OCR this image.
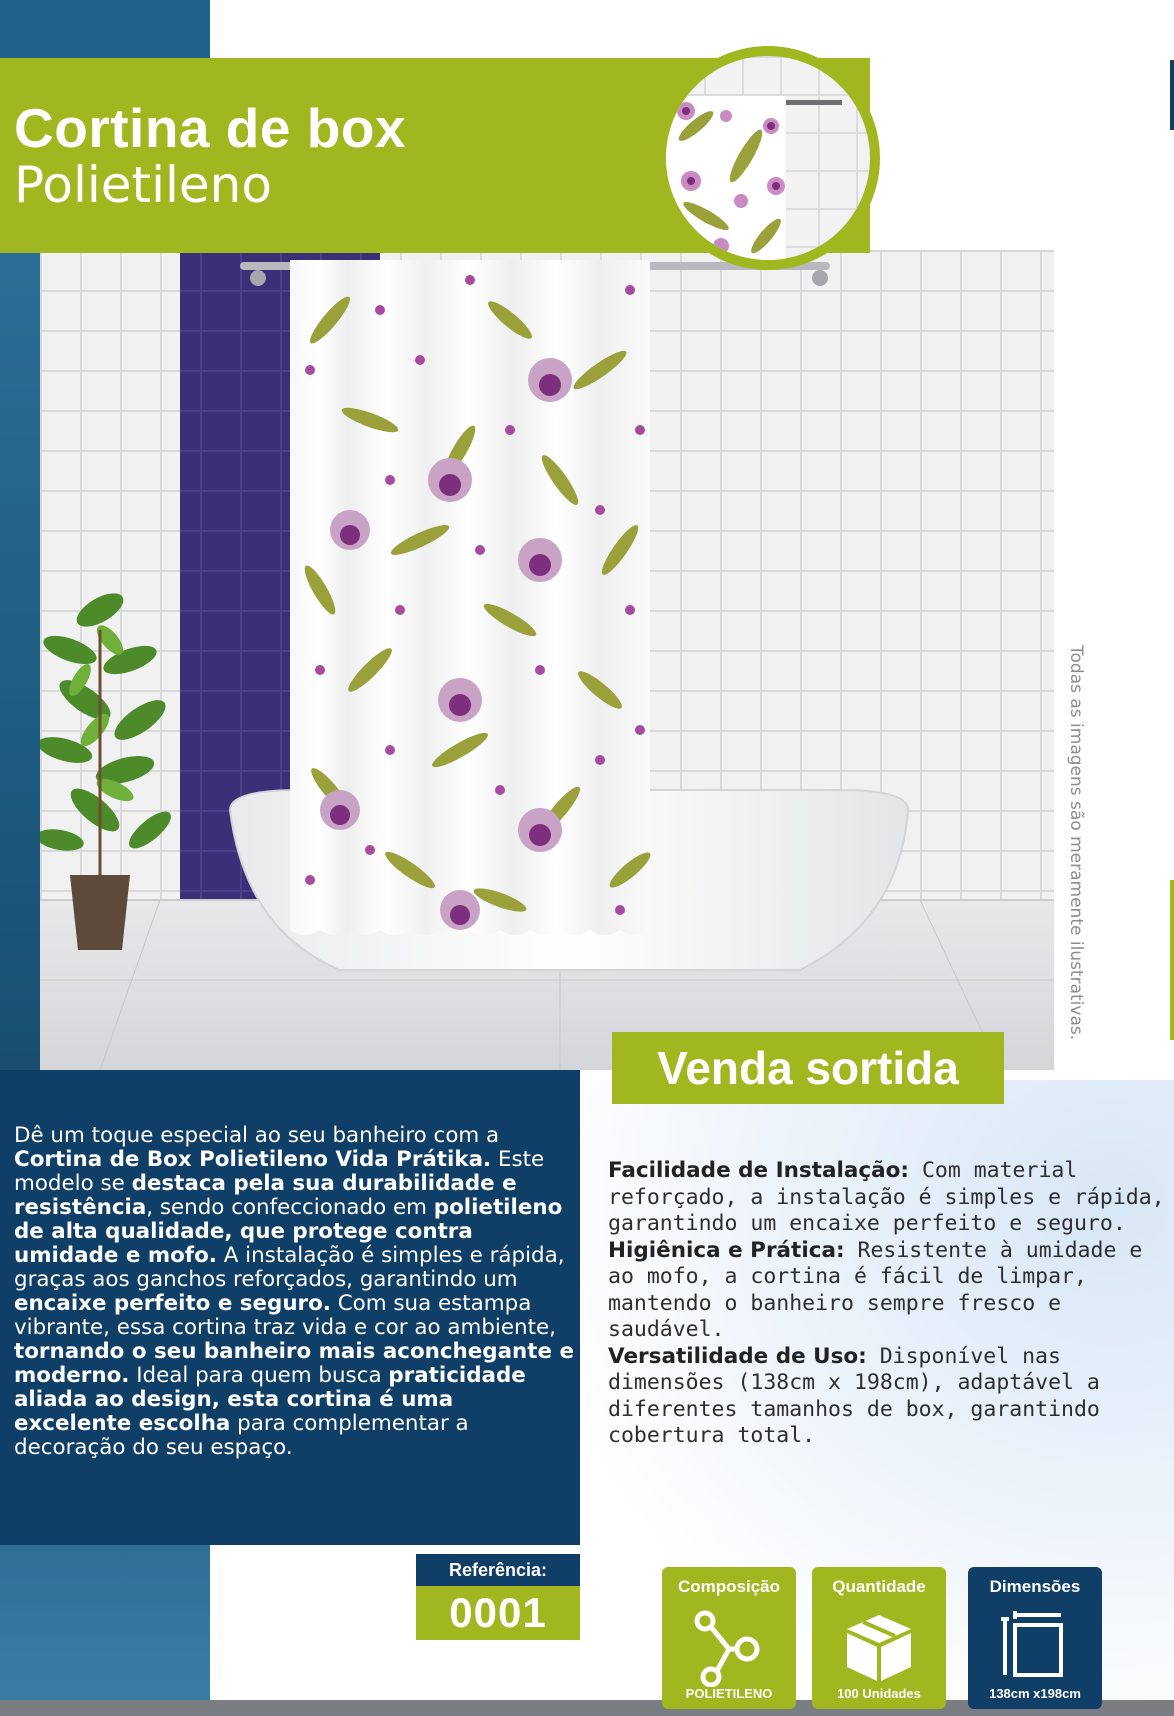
Cortina de box
Polietileno
Todas as imagens são meramente ilustrativas.
Venda sortida
Dê um toque especial ao seu banheiro com a Cortina de Box Polietileno Vida Prátika. Este modelo se destaca pela sua durabilidade e resistência, sendo confeccionado em polietileno de alta qualidade, que protege contra umidade e mofo. A instalação é simples e rápida, graças aos ganchos reforçados, garantindo um encaixe perfeito e seguro. Com sua estampa vibrante, essa cortina traz vida e cor ao ambiente, tornando o seu banheiro mais aconchegante e moderno. Ideal para quem busca praticidade aliada ao design, esta cortina é uma excelente escolha para complementar a decoração do seu espaço.
Facilidade de Instalação: Com material reforçado, a instalação é simples e rápida, garantindo um encaixe perfeito e seguro.
Higiênica e Prática: Resistente à umidade e ao mofo, a cortina é fácil de limpar, mantendo o banheiro sempre fresco e saudável.
Versatilidade de Uso: Disponível nas dimensões (138cm x 198cm), adaptável a diferentes tamanhos de box, garantindo cobertura total.
Referência:
0001
Composição
POLIETILENO
Quantidade
100 Unidades
Dimensões
138cm x198cm
